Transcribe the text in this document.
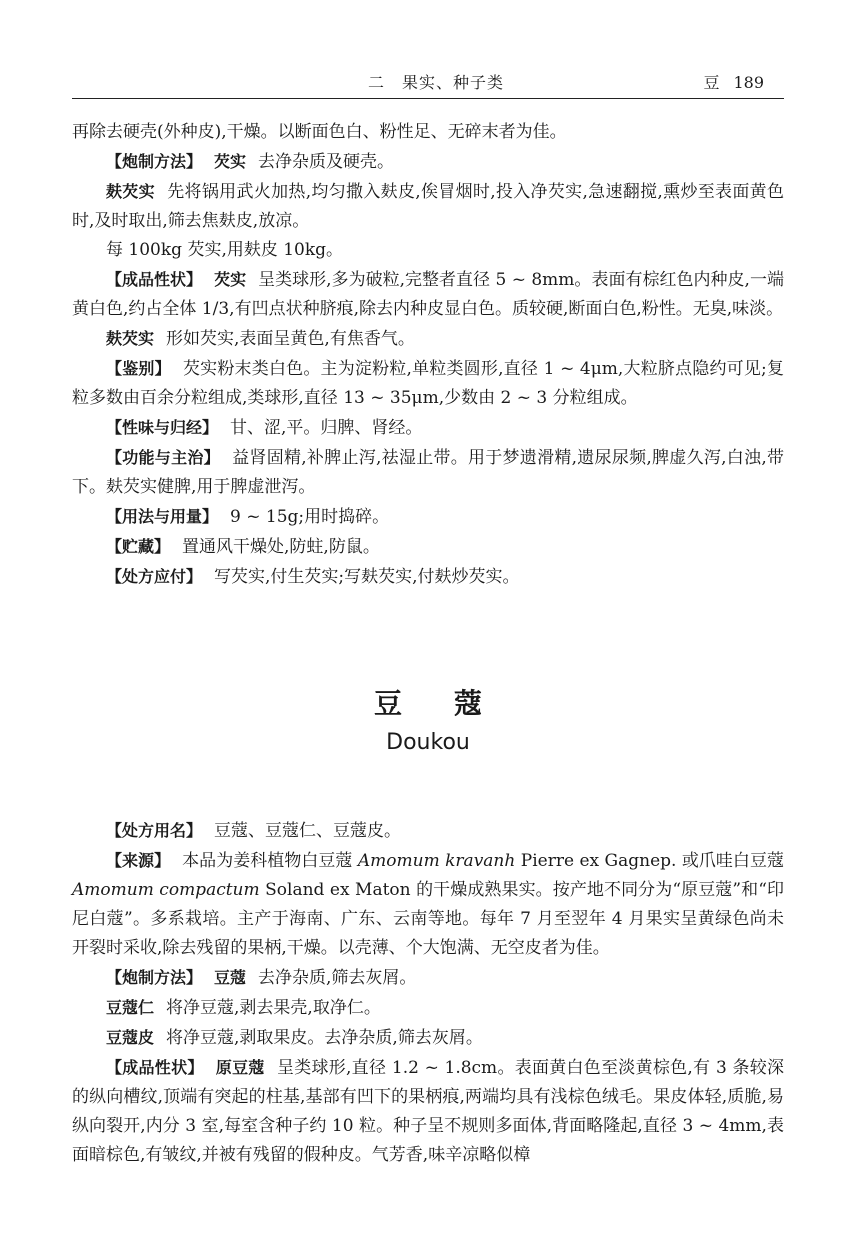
二　果实、种子类	豆 189

再除去硬壳(外种皮),干燥。以断面色白、粉性足、无碎末者为佳。

【炮制方法】 芡实 去净杂质及硬壳。

麸芡实 先将锅用武火加热,均匀撒入麸皮,俟冒烟时,投入净芡实,急速翻搅,熏炒至表面黄色时,及时取出,筛去焦麸皮,放凉。

每 100kg 芡实,用麸皮 10kg。

【成品性状】 芡实 呈类球形,多为破粒,完整者直径 5 ~ 8mm。表面有棕红色内种皮,一端黄白色,约占全体 1/3,有凹点状种脐痕,除去内种皮显白色。质较硬,断面白色,粉性。无臭,味淡。

麸芡实 形如芡实,表面呈黄色,有焦香气。

【鉴别】 芡实粉末类白色。主为淀粉粒,单粒类圆形,直径 1 ~ 4μm,大粒脐点隐约可见;复粒多数由百余分粒组成,类球形,直径 13 ~ 35μm,少数由 2 ~ 3 分粒组成。

【性味与归经】 甘、涩,平。归脾、肾经。

【功能与主治】 益肾固精,补脾止泻,祛湿止带。用于梦遗滑精,遗尿尿频,脾虚久泻,白浊,带下。麸芡实健脾,用于脾虚泄泻。

【用法与用量】 9 ~ 15g;用时捣碎。

【贮藏】 置通风干燥处,防蛀,防鼠。

【处方应付】 写芡实,付生芡实;写麸芡实,付麸炒芡实。

豆蔻
Doukou

【处方用名】 豆蔻、豆蔻仁、豆蔻皮。

【来源】 本品为姜科植物白豆蔻 Amomum kravanh Pierre ex Gagnep. 或爪哇白豆蔻 Amomum compactum Soland ex Maton 的干燥成熟果实。按产地不同分为“原豆蔻”和“印尼白蔻”。多系栽培。主产于海南、广东、云南等地。每年 7 月至翌年 4 月果实呈黄绿色尚未开裂时采收,除去残留的果柄,干燥。以壳薄、个大饱满、无空皮者为佳。

【炮制方法】 豆蔻 去净杂质,筛去灰屑。

豆蔻仁 将净豆蔻,剥去果壳,取净仁。

豆蔻皮 将净豆蔻,剥取果皮。去净杂质,筛去灰屑。

【成品性状】 原豆蔻 呈类球形,直径 1.2 ~ 1.8cm。表面黄白色至淡黄棕色,有 3 条较深的纵向槽纹,顶端有突起的柱基,基部有凹下的果柄痕,两端均具有浅棕色绒毛。果皮体轻,质脆,易纵向裂开,内分 3 室,每室含种子约 10 粒。种子呈不规则多面体,背面略隆起,直径 3 ~ 4mm,表面暗棕色,有皱纹,并被有残留的假种皮。气芳香,味辛凉略似樟
